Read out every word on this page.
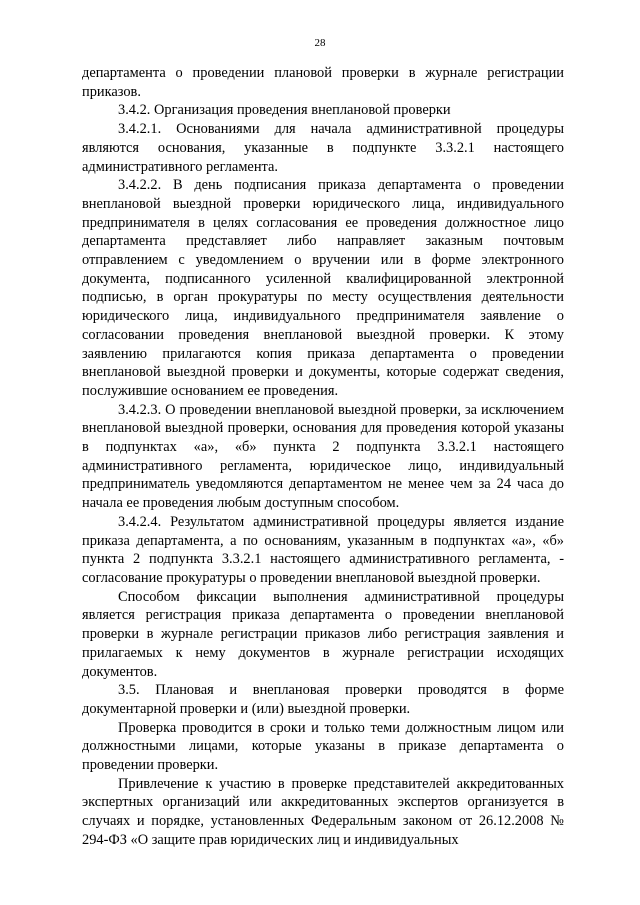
28

департамента о проведении плановой проверки в журнале регистрации приказов.

3.4.2. Организация проведения внеплановой проверки

3.4.2.1. Основаниями для начала административной процедуры являются основания, указанные в подпункте 3.3.2.1 настоящего административного регламента.

3.4.2.2. В день подписания приказа департамента о проведении внеплановой выездной проверки юридического лица, индивидуального предпринимателя в целях согласования ее проведения должностное лицо департамента представляет либо направляет заказным почтовым отправлением с уведомлением о вручении или в форме электронного документа, подписанного усиленной квалифицированной электронной подписью, в орган прокуратуры по месту осуществления деятельности юридического лица, индивидуального предпринимателя заявление о согласовании проведения внеплановой выездной проверки. К этому заявлению прилагаются копия приказа департамента о проведении внеплановой выездной проверки и документы, которые содержат сведения, послужившие основанием ее проведения.

3.4.2.3. О проведении внеплановой выездной проверки, за исключением внеплановой выездной проверки, основания для проведения которой указаны в подпунктах «а», «б» пункта 2 подпункта 3.3.2.1 настоящего административного регламента, юридическое лицо, индивидуальный предприниматель уведомляются департаментом не менее чем за 24 часа до начала ее проведения любым доступным способом.

3.4.2.4. Результатом административной процедуры является издание приказа департамента, а по основаниям, указанным в подпунктах «а», «б» пункта 2 подпункта 3.3.2.1 настоящего административного регламента, - согласование прокуратуры о проведении внеплановой выездной проверки.

Способом фиксации выполнения административной процедуры является регистрация приказа департамента о проведении внеплановой проверки в журнале регистрации приказов либо регистрация заявления и прилагаемых к нему документов в журнале регистрации исходящих документов.

3.5. Плановая и внеплановая проверки проводятся в форме документарной проверки и (или) выездной проверки.

Проверка проводится в сроки и только теми должностным лицом или должностными лицами, которые указаны в приказе департамента о проведении проверки.

Привлечение к участию в проверке представителей аккредитованных экспертных организаций или аккредитованных экспертов организуется в случаях и порядке, установленных Федеральным законом от 26.12.2008 № 294-ФЗ «О защите прав юридических лиц и индивидуальных
